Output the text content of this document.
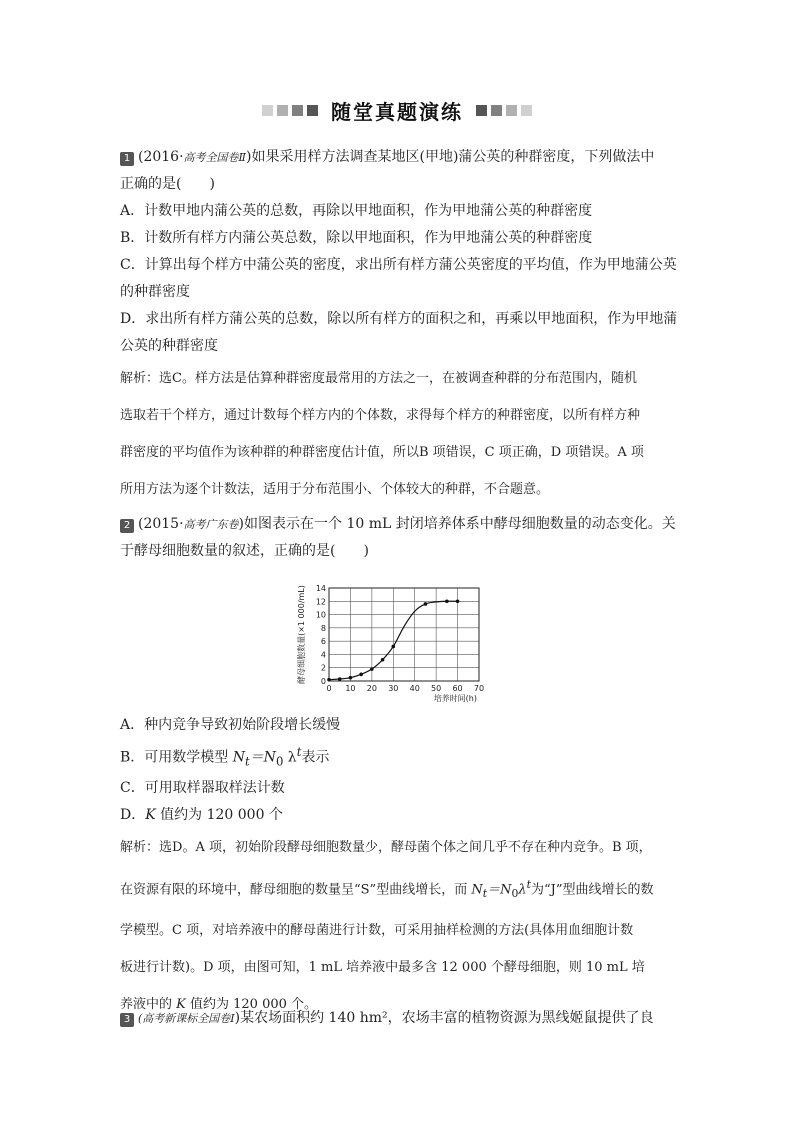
随堂真题演练
1 (2016·高考全国卷Ⅱ)如果采用样方法调查某地区(甲地)蒲公英的种群密度，下列做法中
正确的是(　　)
A．计数甲地内蒲公英的总数，再除以甲地面积，作为甲地蒲公英的种群密度
B．计数所有样方内蒲公英总数，除以甲地面积，作为甲地蒲公英的种群密度
C．计算出每个样方中蒲公英的密度，求出所有样方蒲公英密度的平均值，作为甲地蒲公英
的种群密度
D．求出所有样方蒲公英的总数，除以所有样方的面积之和，再乘以甲地面积，作为甲地蒲
公英的种群密度
解析：选C。样方法是估算种群密度最常用的方法之一，在被调查种群的分布范围内，随机
选取若干个样方，通过计数每个样方内的个体数，求得每个样方的种群密度，以所有样方种
群密度的平均值作为该种群的种群密度估计值，所以B 项错误，C 项正确，D 项错误。A 项
所用方法为逐个计数法，适用于分布范围小、个体较大的种群，不合题意。
2 (2015·高考广东卷)如图表示在一个 10 mL 封闭培养体系中酵母细胞数量的动态变化。关
于酵母细胞数量的叙述，正确的是(　　)
0 10 20 30 40 50 60 70
0
2
4
6
8
10
12
14
培养时间(h)
酵母细胞数量(×1 000/mL)
A．种内竞争导致初始阶段增长缓慢
B．可用数学模型 $N_t=N_0$ $\lambda^t$表示
C．可用取样器取样法计数
D．K 值约为 120 000 个
解析：选D。A 项，初始阶段酵母细胞数量少，酵母菌个体之间几乎不存在种内竞争。B 项，
在资源有限的环境中，酵母细胞的数量呈“S”型曲线增长，而 $N_t=N_0\lambda^t$为“J”型曲线增长的数
学模型。C 项，对培养液中的酵母菌进行计数，可采用抽样检测的方法(具体用血细胞计数
板进行计数)。D 项，由图可知，1 mL 培养液中最多含 12 000 个酵母细胞，则 10 mL 培
养液中的 K 值约为 120 000 个。
3 (高考新课标全国卷Ⅰ)某农场面积约 140 hm²，农场丰富的植物资源为黑线姬鼠提供了良
